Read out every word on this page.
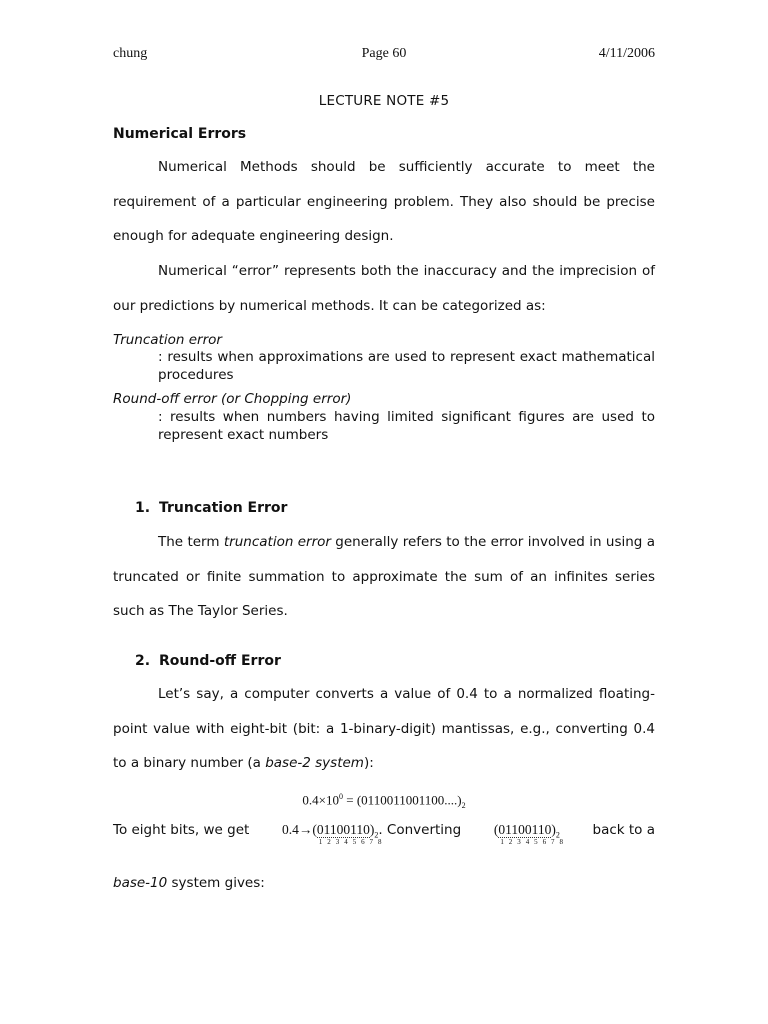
chung	Page 60	4/11/2006
LECTURE NOTE #5
Numerical Errors

Numerical Methods should be sufficiently accurate to meet the requirement of a particular engineering problem. They also should be precise enough for adequate engineering design.

Numerical “error” represents both the inaccuracy and the imprecision of our predictions by numerical methods. It can be categorized as:

Truncation error

: results when approximations are used to represent exact mathematical procedures

Round-off error (or Chopping error)

: results when numbers having limited significant figures are used to represent exact numbers

1. Truncation Error

The term truncation error generally refers to the error involved in using a truncated or finite summation to approximate the sum of an infinites series such as The Taylor Series.

2. Round-off Error

Let’s say, a computer converts a value of 0.4 to a normalized floating-point value with eight-bit (bit: a 1-binary-digit) mantissas, e.g., converting 0.4 to a binary number (a base-2 system):

$0.4\times 10^0 = (0110011001100....)_2$
To eight bits, we get 0.4→(01100110
1 2 3 4 5 6 7 8
)$_2$. Converting (01100110
1 2 3 4 5 6 7 8
)$_2$ back to a
base-10 system gives:
